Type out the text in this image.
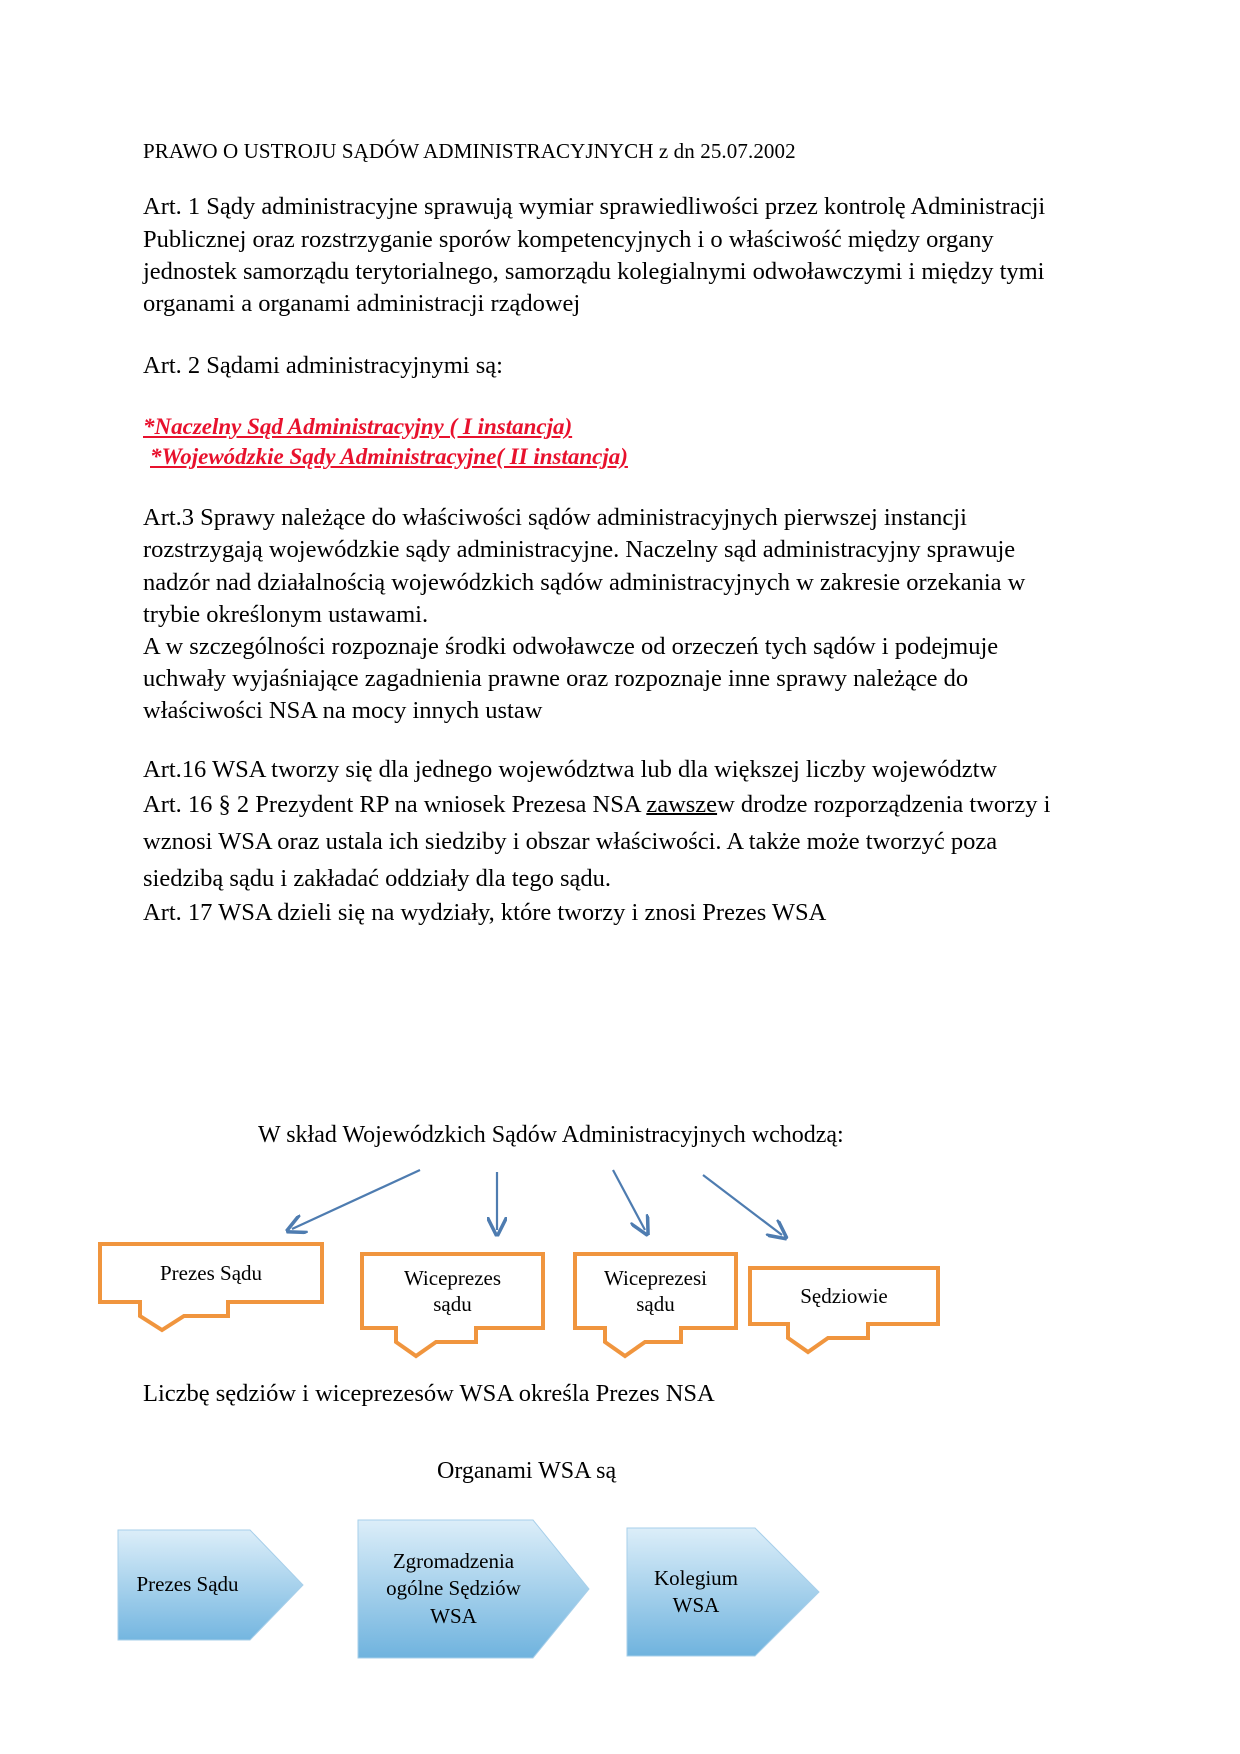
PRAWO O USTROJU SĄDÓW ADMINISTRACYJNYCH z dn 25.07.2002

Art. 1 Sądy administracyjne sprawują wymiar sprawiedliwości przez kontrolę Administracji Publicznej oraz rozstrzyganie sporów kompetencyjnych i o właściwość między organy jednostek samorządu terytorialnego, samorządu kolegialnymi odwoławczymi i między tymi organami a organami administracji rządowej

Art. 2 Sądami administracyjnymi są:

*Naczelny Sąd Administracyjny ( I instancja)
*Wojewódzkie Sądy Administracyjne( II instancja)

Art.3 Sprawy należące do właściwości sądów administracyjnych pierwszej instancji rozstrzygają wojewódzkie sądy administracyjne. Naczelny sąd administracyjny sprawuje nadzór nad działalnością wojewódzkich sądów administracyjnych w zakresie orzekania w trybie określonym ustawami.

A w szczególności rozpoznaje środki odwoławcze od orzeczeń tych sądów i podejmuje uchwały wyjaśniające zagadnienia prawne oraz rozpoznaje inne sprawy należące do właściwości NSA na mocy innych ustaw

Art.16 WSA tworzy się dla jednego województwa lub dla większej liczby województw

Art. 16 § 2 Prezydent RP na wniosek Prezesa NSA zawszew drodze rozporządzenia tworzy i wznosi WSA oraz ustala ich siedziby i obszar właściwości. A także może tworzyć poza siedzibą sądu i zakładać oddziały dla tego sądu.

Art. 17 WSA dzieli się na wydziały, które tworzy i znosi Prezes WSA

W skład Wojewódzkich Sądów Administracyjnych wchodzą:
Prezes Sądu	Wiceprezes
sądu
Wiceprezesi
sądu	Sędziowie
Liczbę sędziów i wiceprezesów WSA określa Prezes NSA
Organami WSA są
Prezes Sądu
Zgromadzenia
ogólne Sędziów
WSA
Kolegium
WSA
